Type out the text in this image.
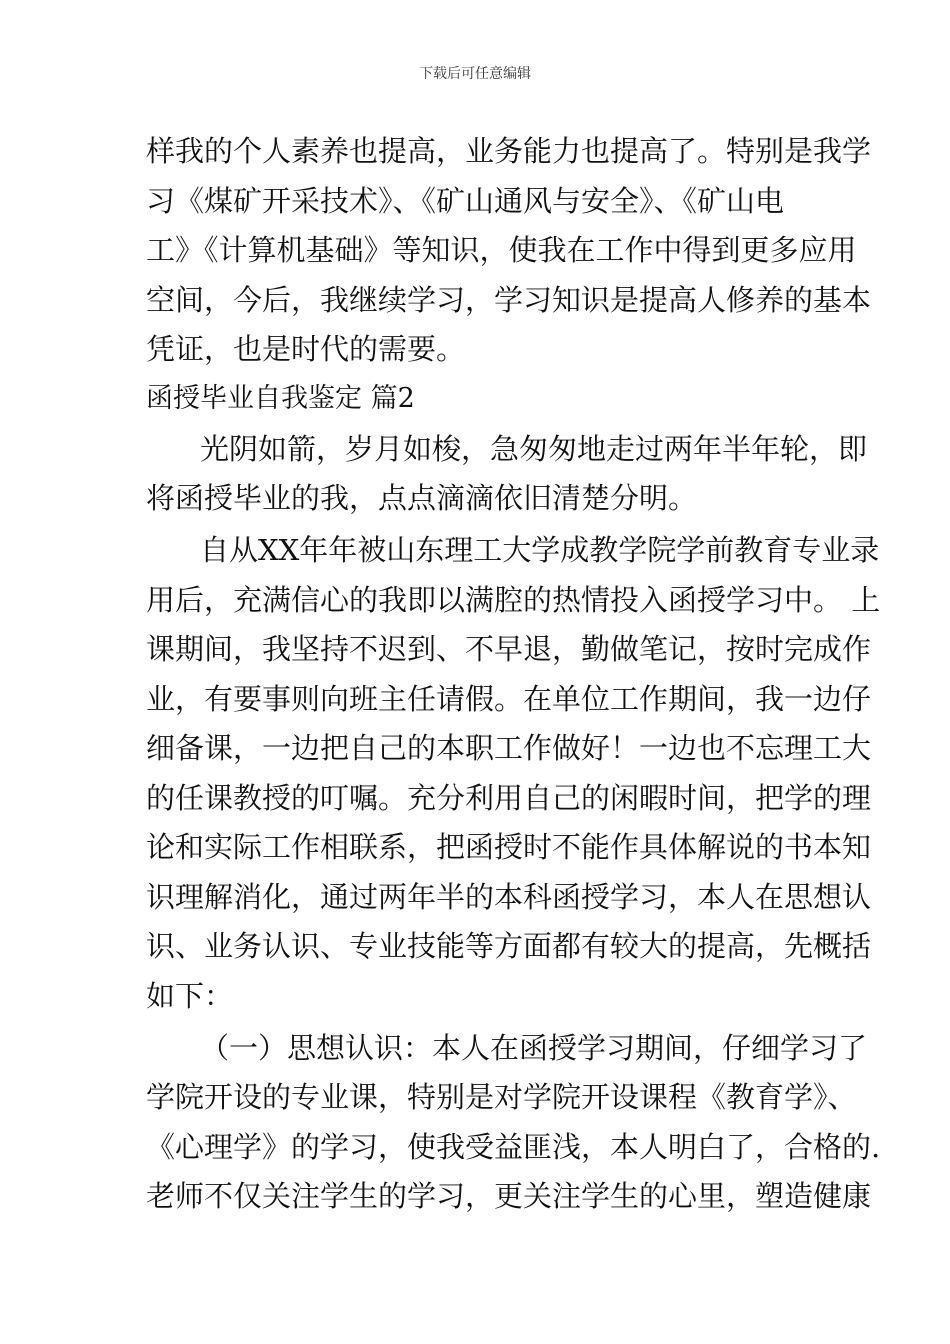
下载后可任意编辑
样我的个人素养也提高，业务能力也提高了。特别是我学
习《煤矿开采技术》、《矿山通风与安全》、《矿山电
工》《计算机基础》等知识，使我在工作中得到更多应用
空间，今后，我继续学习，学习知识是提高人修养的基本
凭证，也是时代的需要。
函授毕业自我鉴定 篇2
光阴如箭，岁月如梭，急匆匆地走过两年半年轮，即
将函授毕业的我，点点滴滴依旧清楚分明。
自从XX年年被山东理工大学成教学院学前教育专业录
用后，充满信心的我即以满腔的热情投入函授学习中。 上
课期间，我坚持不迟到、不早退，勤做笔记，按时完成作
业，有要事则向班主任请假。在单位工作期间，我一边仔
细备课，一边把自己的本职工作做好！一边也不忘理工大
的任课教授的叮嘱。充分利用自己的闲暇时间，把学的理
论和实际工作相联系，把函授时不能作具体解说的书本知
识理解消化，通过两年半的本科函授学习，本人在思想认
识、业务认识、专业技能等方面都有较大的提高，先概括
如下：
（一）思想认识：本人在函授学习期间，仔细学习了
学院开设的专业课，特别是对学院开设课程《教育学》、
《心理学》的学习，使我受益匪浅，本人明白了，合格的.
老师不仅关注学生的学习，更关注学生的心里，塑造健康
